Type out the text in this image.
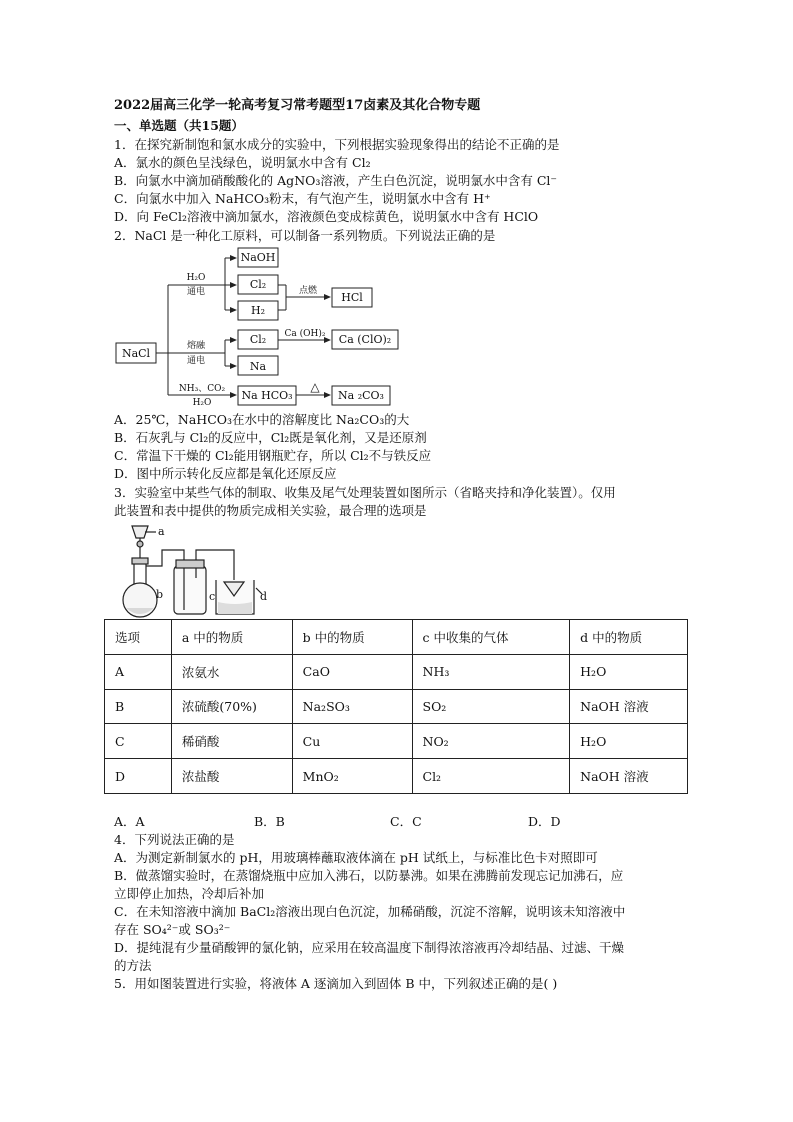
2022届高三化学一轮高考复习常考题型17卤素及其化合物专题
一、单选题（共15题）
1．在探究新制饱和氯水成分的实验中，下列根据实验现象得出的结论不正确的是
A．氯水的颜色呈浅绿色，说明氯水中含有 Cl₂
B．向氯水中滴加硝酸酸化的 AgNO₃溶液，产生白色沉淀，说明氯水中含有 Cl⁻
C．向氯水中加入 NaHCO₃粉末，有气泡产生，说明氯水中含有 H⁺
D．向 FeCl₂溶液中滴加氯水，溶液颜色变成棕黄色，说明氯水中含有 HClO
2．NaCl 是一种化工原料，可以制备一系列物质。下列说法正确的是
NaCl
NaOH
Cl₂
H₂
HCl
Cl₂
Na
Ca (ClO)₂
Na HCO₃	Na ₂CO₃
H₂O
通电	点燃
熔融
通电
Ca (OH)₂
NH₃、CO₂
H₂O
△
A．25℃，NaHCO₃在水中的溶解度比 Na₂CO₃的大
B．石灰乳与 Cl₂的反应中，Cl₂既是氧化剂，又是还原剂
C．常温下干燥的 Cl₂能用钢瓶贮存，所以 Cl₂不与铁反应
D．图中所示转化反应都是氧化还原反应
3．实验室中某些气体的制取、收集及尾气处理装置如图所示（省略夹持和净化装置）。仅用
此装置和表中提供的物质完成相关实验，最合理的选项是
a
b	c	d
选项	a 中的物质	b 中的物质	c 中收集的气体	d 中的物质
A	浓氨水	CaO	NH₃	H₂O
B	浓硫酸(70%)	Na₂SO₃	SO₂	NaOH 溶液
C	稀硝酸	Cu	NO₂	H₂O
D	浓盐酸	MnO₂	Cl₂	NaOH 溶液
A．A	B．B	C．C	D．D
4．下列说法正确的是
A．为测定新制氯水的 pH，用玻璃棒蘸取液体滴在 pH 试纸上，与标准比色卡对照即可
B．做蒸馏实验时，在蒸馏烧瓶中应加入沸石，以防暴沸。如果在沸腾前发现忘记加沸石，应
立即停止加热，冷却后补加
C．在未知溶液中滴加 BaCl₂溶液出现白色沉淀，加稀硝酸，沉淀不溶解，说明该未知溶液中
存在 SO₄²⁻或 SO₃²⁻
D．提纯混有少量硝酸钾的氯化钠，应采用在较高温度下制得浓溶液再冷却结晶、过滤、干燥
的方法
5．用如图装置进行实验，将液体 A 逐滴加入到固体 B 中，下列叙述正确的是( )
